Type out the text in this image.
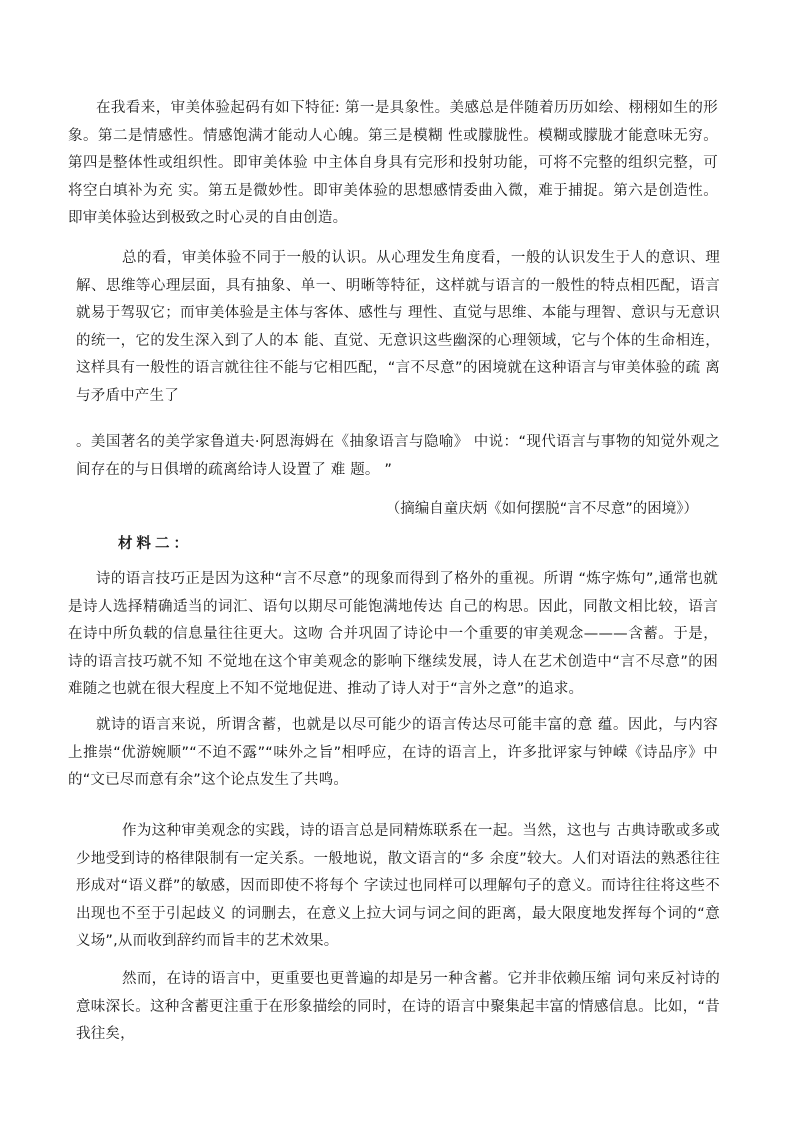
在我看来，审美体验起码有如下特征: 第一是具象性。美感总是伴随着历历如绘、栩栩如生的形象。第二是情感性。情感饱满才能动人心魄。第三是模糊 性或朦胧性。模糊或朦胧才能意味无穷。第四是整体性或组织性。即审美体验 中主体自身具有完形和投射功能，可将不完整的组织完整，可将空白填补为充 实。第五是微妙性。即审美体验的思想感情委曲入微，难于捕捉。第六是创造性。即审美体验达到极致之时心灵的自由创造。

总的看，审美体验不同于一般的认识。从心理发生角度看，一般的认识发生于人的意识、理解、思维等心理层面，具有抽象、单一、明晰等特征，这样就与语言的一般性的特点相匹配，语言就易于驾驭它；而审美体验是主体与客体、感性与 理性、直觉与思维、本能与理智、意识与无意识的统一，它的发生深入到了人的本 能、直觉、无意识这些幽深的心理领域，它与个体的生命相连，这样具有一般性的语言就往往不能与它相匹配，“言不尽意”的困境就在这种语言与审美体验的疏 离与矛盾中产生了

。美国著名的美学家鲁道夫·阿恩海姆在《抽象语言与隐喻》 中说：“现代语言与事物的知觉外观之间存在的与日俱增的疏离给诗人设置了 难 题。 ”

（摘编自童庆炳《如何摆脱“言不尽意”的困境》）

材料二：

诗的语言技巧正是因为这种“言不尽意”的现象而得到了格外的重视。所谓 “炼字炼句”,通常也就是诗人选择精确适当的词汇、语句以期尽可能饱满地传达 自己的构思。因此，同散文相比较，语言在诗中所负载的信息量往往更大。这吻 合并巩固了诗论中一个重要的审美观念———含蓄。于是，诗的语言技巧就不知 不觉地在这个审美观念的影响下继续发展，诗人在艺术创造中“言不尽意”的困 难随之也就在很大程度上不知不觉地促进、推动了诗人对于“言外之意”的追求。

就诗的语言来说，所谓含蓄，也就是以尽可能少的语言传达尽可能丰富的意 蕴。因此，与内容上推崇“优游婉顺”“不迫不露”“味外之旨”相呼应，在诗的语言上，许多批评家与钟嵘《诗品序》中的“文已尽而意有余”这个论点发生了共鸣。

作为这种审美观念的实践，诗的语言总是同精炼联系在一起。当然，这也与 古典诗歌或多或少地受到诗的格律限制有一定关系。一般地说，散文语言的“多 余度”较大。人们对语法的熟悉往往形成对“语义群”的敏感，因而即使不将每个 字读过也同样可以理解句子的意义。而诗往往将这些不出现也不至于引起歧义 的词删去，在意义上拉大词与词之间的距离，最大限度地发挥每个词的“意义场”,从而收到辞约而旨丰的艺术效果。

然而，在诗的语言中，更重要也更普遍的却是另一种含蓄。它并非依赖压缩 词句来反衬诗的意味深长。这种含蓄更注重于在形象描绘的同时，在诗的语言中聚集起丰富的情感信息。比如，“昔我往矣，
